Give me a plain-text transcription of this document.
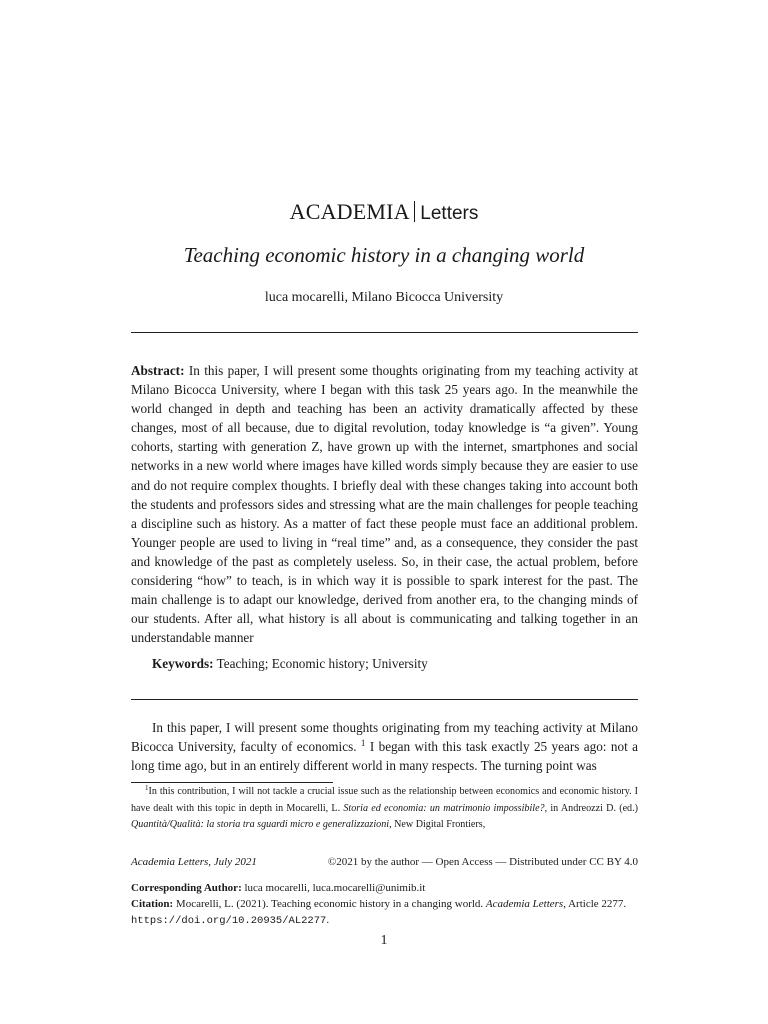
ACADEMIA Letters
Teaching economic history in a changing world
luca mocarelli, Milano Bicocca University
Abstract: In this paper, I will present some thoughts originating from my teaching activity at Milano Bicocca University, where I began with this task 25 years ago. In the meanwhile the world changed in depth and teaching has been an activity dramatically affected by these changes, most of all because, due to digital revolution, today knowledge is “a given”. Young cohorts, starting with generation Z, have grown up with the internet, smartphones and social networks in a new world where images have killed words simply because they are easier to use and do not require complex thoughts. I briefly deal with these changes taking into account both the students and professors sides and stressing what are the main challenges for people teaching a discipline such as history. As a matter of fact these people must face an additional problem. Younger people are used to living in “real time” and, as a consequence, they consider the past and knowledge of the past as completely useless. So, in their case, the actual problem, before considering “how” to teach, is in which way it is possible to spark interest for the past. The main challenge is to adapt our knowledge, derived from another era, to the changing minds of our students. After all, what history is all about is communicating and talking together in an understandable manner
Keywords: Teaching; Economic history; University

In this paper, I will present some thoughts originating from my teaching activity at Milano Bicocca University, faculty of economics. $^1$ I began with this task exactly 25 years ago: not a long time ago, but in an entirely different world in many respects. The turning point was

$^1$In this contribution, I will not tackle a crucial issue such as the relationship between economics and economic history. I have dealt with this topic in depth in Mocarelli, L. Storia ed economia: un matrimonio impossibile?, in Andreozzi D. (ed.) Quantità/Qualità: la storia tra sguardi micro e generalizzazioni, New Digital Frontiers,
Academia Letters, July 2021	©2021 by the author — Open Access — Distributed under CC BY 4.0
Corresponding Author: luca mocarelli, luca.mocarelli@unimib.it
Citation: Mocarelli, L. (2021). Teaching economic history in a changing world. Academia Letters, Article 2277. https://doi.org/10.20935/AL2277.
1
